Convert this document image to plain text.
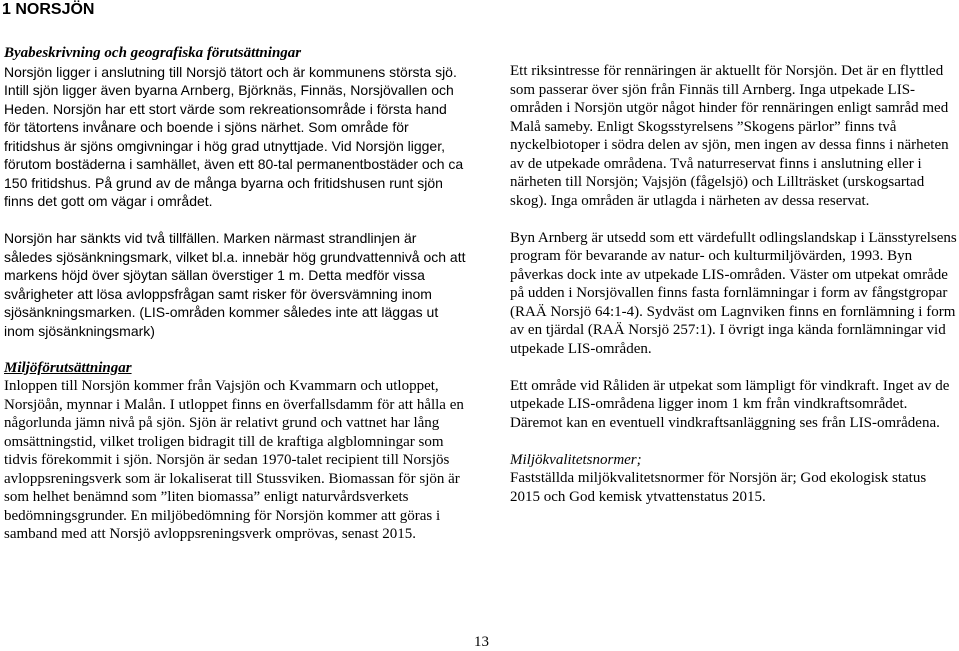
1 NORSJÖN

Byabeskrivning och geografiska förutsättningar

Norsjön ligger i anslutning till Norsjö tätort och är kommunens största sjö. Intill sjön ligger även byarna Arnberg, Björknäs, Finnäs, Norsjövallen och Heden. Norsjön har ett stort värde som rekreationsområde i första hand för tätortens invånare och boende i sjöns närhet. Som område för fritidshus är sjöns omgivningar i hög grad utnyttjade. Vid Norsjön ligger, förutom bostäderna i samhället, även ett 80-tal permanentbostäder och ca 150 fritidshus. På grund av de många byarna och fritidshusen runt sjön finns det gott om vägar i området.

Norsjön har sänkts vid två tillfällen. Marken närmast strandlinjen är således sjösänkningsmark, vilket bl.a. innebär hög grundvattennivå och att markens höjd över sjöytan sällan överstiger 1 m. Detta medför vissa svårigheter att lösa avloppsfrågan samt risker för översvämning inom sjösänkningsmarken. (LIS-områden kommer således inte att läggas ut inom sjösänkningsmark)

Miljöförutsättningar

Inloppen till Norsjön kommer från Vajsjön och Kvammarn och utloppet, Norsjöån, mynnar i Malån. I utloppet finns en överfallsdamm för att hålla en någorlunda jämn nivå på sjön. Sjön är relativt grund och vattnet har lång omsättningstid, vilket troligen bidragit till de kraftiga algblomningar som tidvis förekommit i sjön. Norsjön är sedan 1970-talet recipient till Norsjös avloppsreningsverk som är lokaliserat till Stussviken. Biomassan för sjön är som helhet benämnd som ”liten biomassa” enligt naturvårdsverkets bedömningsgrunder. En miljöbedömning för Norsjön kommer att göras i samband med att Norsjö avloppsreningsverk omprövas, senast 2015.

Ett riksintresse för rennäringen är aktuellt för Norsjön. Det är en flyttled som passerar över sjön från Finnäs till Arnberg. Inga utpekade LIS-områden i Norsjön utgör något hinder för rennäringen enligt samråd med Malå sameby. Enligt Skogsstyrelsens ”Skogens pärlor” finns två nyckelbiotoper i södra delen av sjön, men ingen av dessa finns i närheten av de utpekade områdena. Två naturreservat finns i anslutning eller i närheten till Norsjön; Vajsjön (fågelsjö) och Lillträsket (urskogsartad skog). Inga områden är utlagda i närheten av dessa reservat.

Byn Arnberg är utsedd som ett värdefullt odlingslandskap i Länsstyrelsens program för bevarande av natur- och kulturmiljövärden, 1993. Byn påverkas dock inte av utpekade LIS-områden. Väster om utpekat område på udden i Norsjövallen finns fasta fornlämningar i form av fångstgropar (RAÄ Norsjö 64:1-4). Sydväst om Lagnviken finns en fornlämning i form av en tjärdal (RAÄ Norsjö 257:1). I övrigt inga kända fornlämningar vid utpekade LIS-områden.

Ett område vid Råliden är utpekat som lämpligt för vindkraft. Inget av de utpekade LIS-områdena ligger inom 1 km från vindkraftsområdet. Däremot kan en eventuell vindkraftsanläggning ses från LIS-områdena.

Miljökvalitetsnormer;

Fastställda miljökvalitetsnormer för Norsjön är; God ekologisk status 2015 och God kemisk ytvattenstatus 2015.

13
